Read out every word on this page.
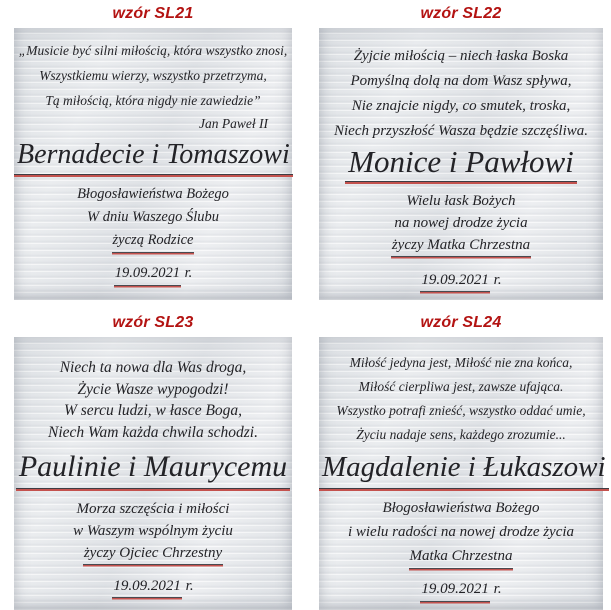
wzór SL21
„Musicie być silni miłością, która wszystko znosi,
Wszystkiemu wierzy, wszystko przetrzyma,
Tą miłością, która nigdy nie zawiedzie”
Jan Paweł II
Bernadecie i Tomaszowi
Błogosławieństwa Bożego
W dniu Waszego Ślubu
życzą Rodzice
19.09.2021 r.
wzór SL22
Żyjcie miłością – niech łaska Boska
Pomyślną dolą na dom Wasz spływa,
Nie znajcie nigdy, co smutek, troska,
Niech przyszłość Wasza będzie szczęśliwa.
Monice i Pawłowi
Wielu łask Bożych
na nowej drodze życia
życzy Matka Chrzestna
19.09.2021 r.
wzór SL23
Niech ta nowa dla Was droga,
Życie Wasze wypogodzi!
W sercu ludzi, w łasce Boga,
Niech Wam każda chwila schodzi.
Paulinie i Maurycemu
Morza szczęścia i miłości
w Waszym wspólnym życiu
życzy Ojciec Chrzestny
19.09.2021 r.
wzór SL24
Miłość jedyna jest, Miłość nie zna końca,
Miłość cierpliwa jest, zawsze ufająca.
Wszystko potrafi znieść, wszystko oddać umie,
Życiu nadaje sens, każdego zrozumie...
Magdalenie i Łukaszowi
Błogosławieństwa Bożego
i wielu radości na nowej drodze życia
Matka Chrzestna
19.09.2021 r.
